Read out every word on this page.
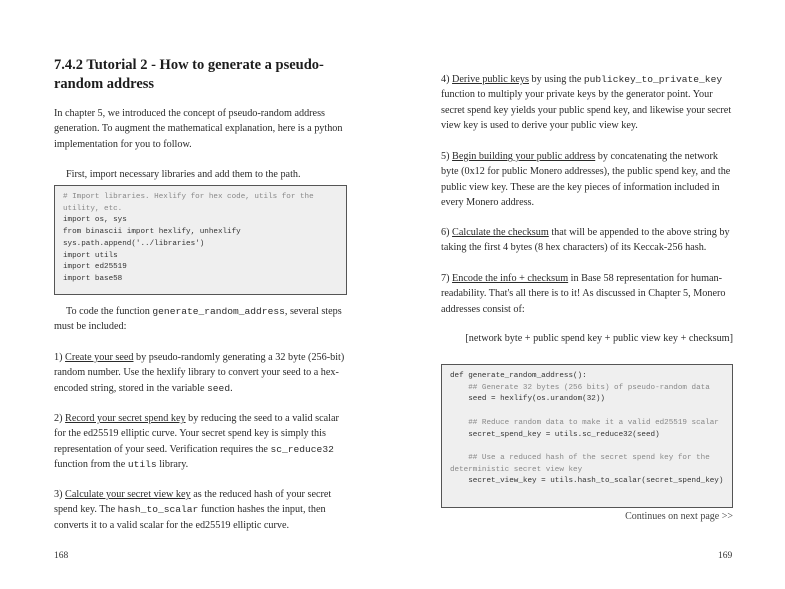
7.4.2 Tutorial 2 - How to generate a pseudo-random address

In chapter 5, we introduced the concept of pseudo-random address generation. To augment the mathematical explanation, here is a python implementation for you to follow.

First, import necessary libraries and add them to the path.

# Import libraries. Hexlify for hex code, utils for the
utility, etc.
import os, sys
from binascii import hexlify, unhexlify
sys.path.append('../libraries')
import utils
import ed25519
import base58

To code the function generate_random_address, several steps must be included:

1) Create your seed by pseudo-randomly generating a 32 byte (256-bit) random number. Use the hexlify library to convert your seed to a hex-encoded string, stored in the variable seed.

2) Record your secret spend key by reducing the seed to a valid scalar for the ed25519 elliptic curve. Your secret spend key is simply this representation of your seed. Verification requires the sc_reduce32 function from the utils library.

3) Calculate your secret view key as the reduced hash of your secret spend key. The hash_to_scalar function hashes the input, then converts it to a valid scalar for the ed25519 elliptic curve.

168

4) Derive public keys by using the publickey_to_private_key function to multiply your private keys by the generator point. Your secret spend key yields your public spend key, and likewise your secret view key is used to derive your public view key.

5) Begin building your public address by concatenating the network byte (0x12 for public Monero addresses), the public spend key, and the public view key. These are the key pieces of information included in every Monero address.

6) Calculate the checksum that will be appended to the above string by taking the first 4 bytes (8 hex characters) of its Keccak-256 hash.

7) Encode the info + checksum in Base 58 representation for human-readability. That's all there is to it! As discussed in Chapter 5, Monero addresses consist of:

[network byte + public spend key + public view key + checksum]

def generate_random_address():
## Generate 32 bytes (256 bits) of pseudo-random data
seed = hexlify(os.urandom(32))

## Reduce random data to make it a valid ed25519 scalar
secret_spend_key = utils.sc_reduce32(seed)

## Use a reduced hash of the secret spend key for the
deterministic secret view key
secret_view_key = utils.hash_to_scalar(secret_spend_key)
Continues on next page >>
169
